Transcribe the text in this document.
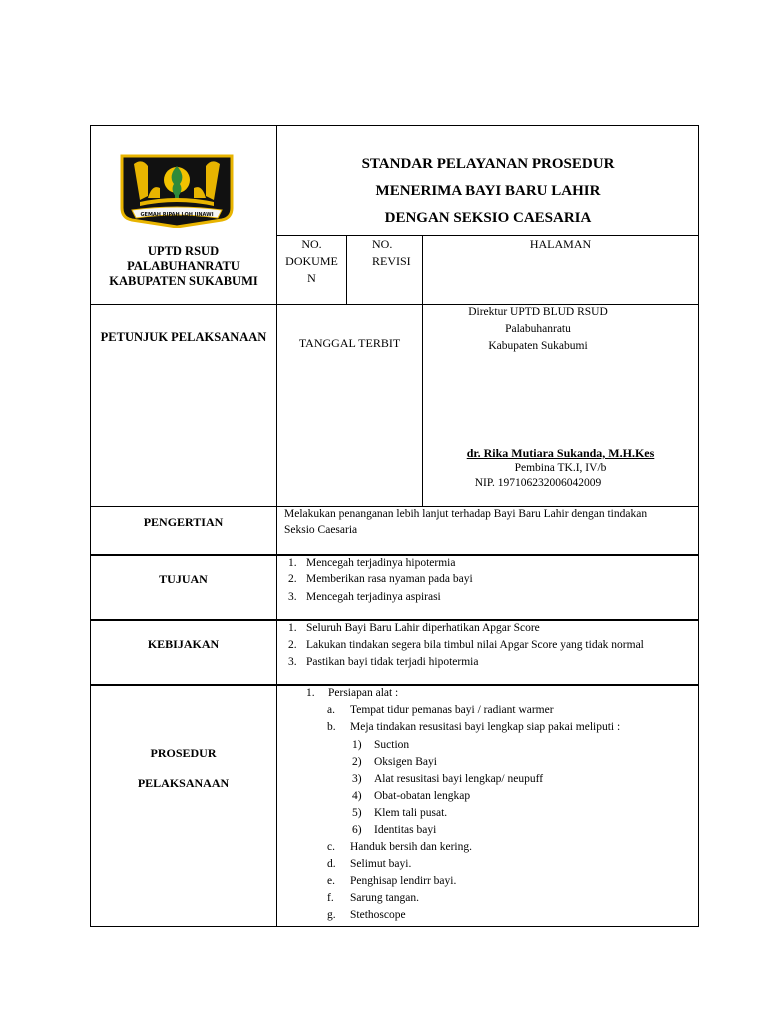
GEMAH RIPAH LOH JINAWI
UPTD RSUD
PALABUHANRATU
KABUPATEN SUKABUMI
STANDAR PELAYANAN PROSEDUR
MENERIMA BAYI BARU LAHIR
DENGAN SEKSIO CAESARIA
NO.
DOKUME
N
NO.
REVISI
HALAMAN
PETUNJUK PELAKSANAAN	TANGGAL TERBIT
Direktur UPTD BLUD RSUD
Palabuhanratu
Kabupaten Sukabumi
dr. Rika Mutiara Sukanda, M.H.Kes
Pembina TK.I, IV/b
NIP. 197106232006042009
PENGERTIAN
Melakukan penanganan lebih lanjut terhadap Bayi Baru Lahir dengan tindakan
Seksio Caesaria
TUJUAN
1. Mencegah terjadinya hipotermia
2. Memberikan rasa nyaman pada bayi
3. Mencegah terjadinya aspirasi
KEBIJAKAN
1. Seluruh Bayi Baru Lahir diperhatikan Apgar Score
2. Lakukan tindakan segera bila timbul nilai Apgar Score yang tidak normal
3. Pastikan bayi tidak terjadi hipotermia
PROSEDUR
PELAKSANAAN
1. Persiapan alat :
a. Tempat tidur pemanas bayi / radiant warmer
b. Meja tindakan resusitasi bayi lengkap siap pakai meliputi :
1) Suction
2) Oksigen Bayi
3) Alat resusitasi bayi lengkap/ neupuff
4) Obat-obatan lengkap
5) Klem tali pusat.
6) Identitas bayi
c. Handuk bersih dan kering.
d. Selimut bayi.
e. Penghisap lendirr bayi.
f. Sarung tangan.
g. Stethoscope
